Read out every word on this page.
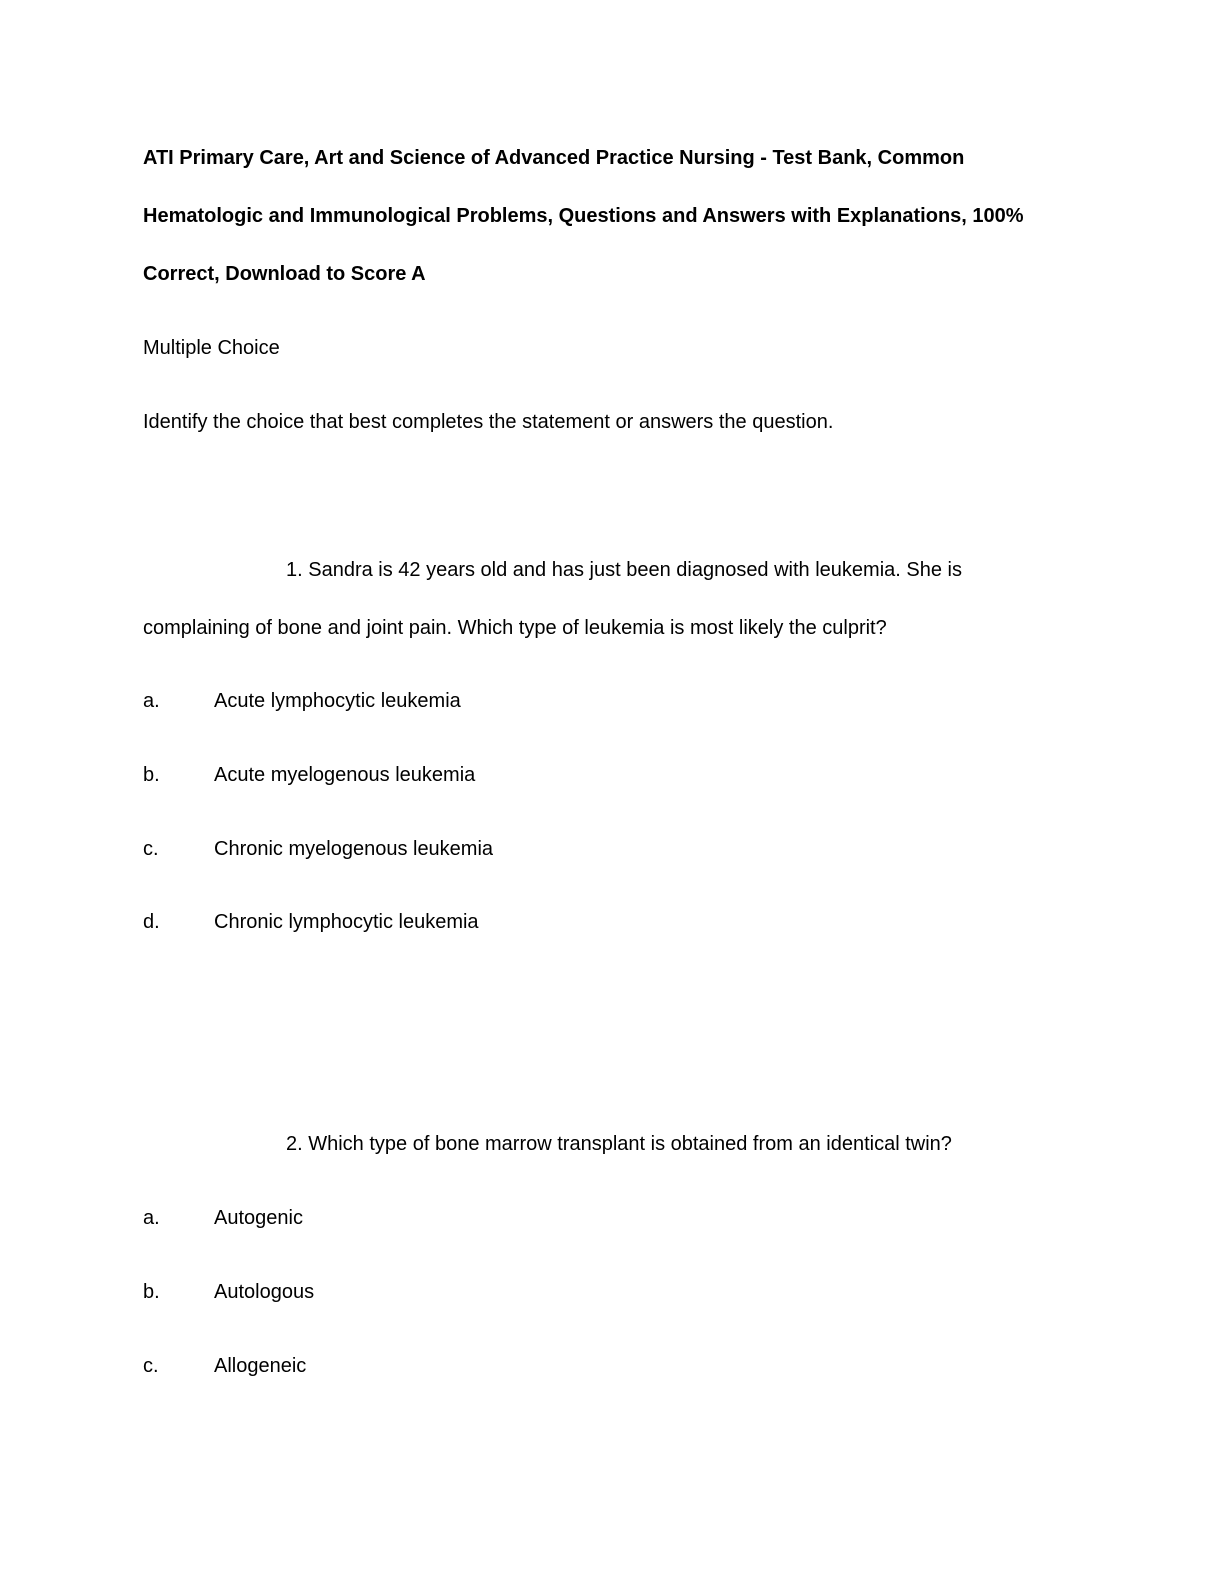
ATI Primary Care, Art and Science of Advanced Practice Nursing - Test Bank, Common
Hematologic and Immunological Problems, Questions and Answers with Explanations, 100%
Correct, Download to Score A
Multiple Choice
Identify the choice that best completes the statement or answers the question.
1. Sandra is 42 years old and has just been diagnosed with leukemia. She is
complaining of bone and joint pain. Which type of leukemia is most likely the culprit?
a.	Acute lymphocytic leukemia
b.	Acute myelogenous leukemia
c.	Chronic myelogenous leukemia
d.	Chronic lymphocytic leukemia
2. Which type of bone marrow transplant is obtained from an identical twin?
a.	Autogenic
b.	Autologous
c.	Allogeneic
